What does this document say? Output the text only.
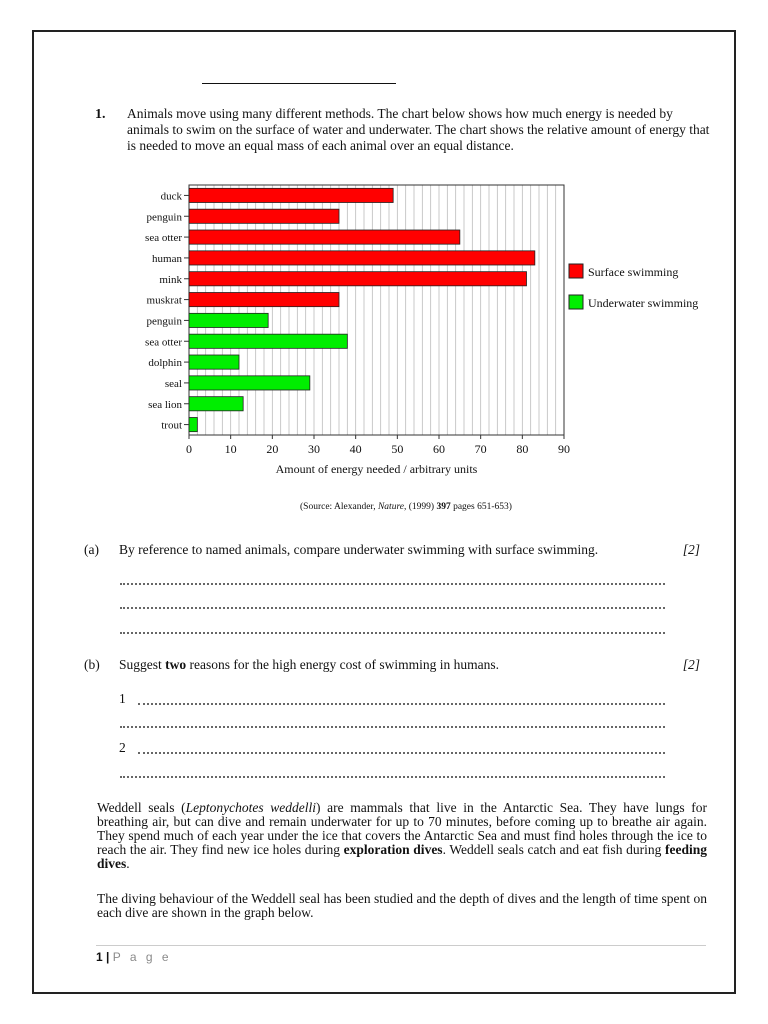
1. Animals move using many different methods. The chart below shows how much energy is needed by animals to swim on the surface of water and underwater. The chart shows the relative amount of energy that is needed to move an equal mass of each animal over an equal distance.
duck
penguin
sea otter
human
mink
muskrat
penguin
sea otter
dolphin
seal
sea lion
trout
0	10 20 30 40 50 60 70 80 90
Amount of energy needed / arbitrary units
Surface swimming
Underwater swimming
(Source: Alexander, Nature, (1999) 397 pages 651-653)
(a) By reference to named animals, compare underwater swimming with surface swimming.	[2]
(b) Suggest two reasons for the high energy cost of swimming in humans.	[2]
1
2
Weddell seals (Leptonychotes weddelli) are mammals that live in the Antarctic Sea. They have lungs for breathing air, but can dive and remain underwater for up to 70 minutes, before coming up to breathe air again. They spend much of each year under the ice that covers the Antarctic Sea and must find holes through the ice to reach the air. They find new ice holes during exploration dives. Weddell seals catch and eat fish during feeding dives.
The diving behaviour of the Weddell seal has been studied and the depth of dives and the length of time spent on each dive are shown in the graph below.
1 | P a g e
